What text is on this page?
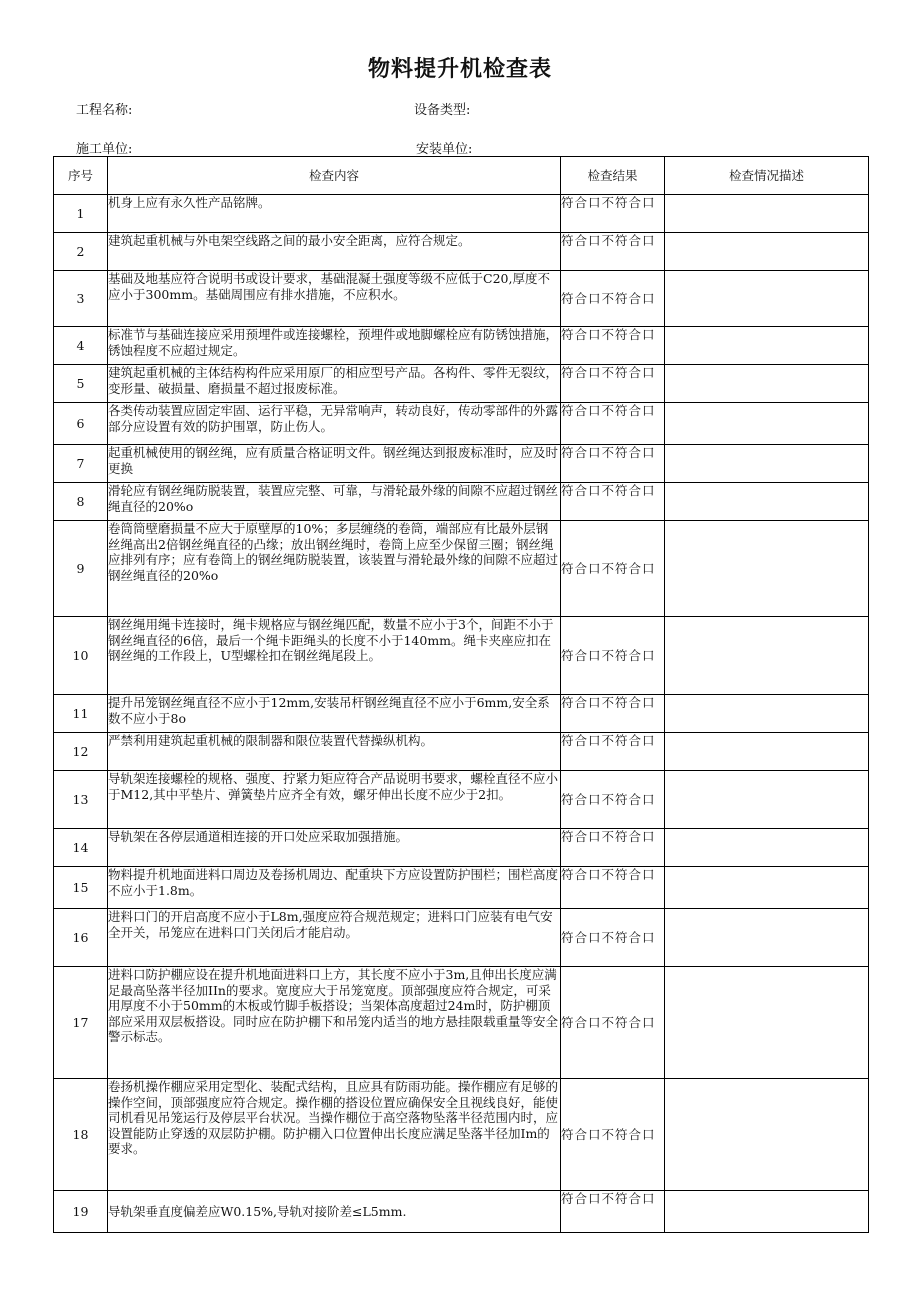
物料提升机检查表
工程名称:	设备类型:
施工单位:	安装单位:
序号	检查内容	检查结果	检查情况描述
1	机身上应有永久性产品铭牌。	符合口不符合口	
2	建筑起重机械与外电架空线路之间的最小安全距离，应符合规定。	符合口不符合口	
3	基础及地基应符合说明书或设计要求，基础混凝土强度等级不应低于C20,厚度不应小于300mm。基础周围应有排水措施，不应积水。	符合口不符合口	
4	标准节与基础连接应采用预埋件或连接螺栓，预埋件或地脚螺栓应有防锈蚀措施，锈蚀程度不应超过规定。	符合口不符合口	
5	建筑起重机械的主体结构构件应采用原厂的相应型号产品。各构件、零件无裂纹，变形量、破损量、磨损量不超过报废标准。	符合口不符合口	
6	各类传动装置应固定牢固、运行平稳，无异常响声，转动良好，传动零部件的外露部分应设置有效的防护围罩，防止伤人。	符合口不符合口	
7	起重机械使用的钢丝绳，应有质量合格证明文件。钢丝绳达到报废标准时，应及时更换	符合口不符合口	
8	滑轮应有钢丝绳防脱装置，装置应完整、可靠，与滑轮最外缘的间隙不应超过钢丝绳直径的20%o	符合口不符合口	
9	卷筒筒壁磨损量不应大于原壁厚的10%；多层缠绕的卷筒，端部应有比最外层钢丝绳高出2倍钢丝绳直径的凸缘；放出钢丝绳时，卷筒上应至少保留三圈；钢丝绳应排列有序；应有卷筒上的钢丝绳防脱装置，该装置与滑轮最外缘的间隙不应超过钢丝绳直径的20%o	符合口不符合口	
10	钢丝绳用绳卡连接时，绳卡规格应与钢丝绳匹配，数量不应小于3个，间距不小于钢丝绳直径的6倍，最后一个绳卡距绳头的长度不小于140mm。绳卡夹座应扣在钢丝绳的工作段上，U型螺栓扣在钢丝绳尾段上。	符合口不符合口	
11	提升吊笼钢丝绳直径不应小于12mm,安装吊杆钢丝绳直径不应小于6mm,安全系数不应小于8o	符合口不符合口	
12	严禁利用建筑起重机械的限制器和限位装置代替操纵机构。	符合口不符合口	
13	导轨架连接螺栓的规格、强度、拧紧力矩应符合产品说明书要求，螺栓直径不应小于M12,其中平垫片、弹簧垫片应齐全有效，螺牙伸出长度不应少于2扣。	符合口不符合口	
14	导轨架在各停层通道相连接的开口处应采取加强措施。	符合口不符合口	
15	物料提升机地面进料口周边及卷扬机周边、配重块下方应设置防护围栏；围栏高度不应小于1.8m。	符合口不符合口	
16	进料口门的开启高度不应小于L8m,强度应符合规范规定；进料口门应装有电气安全开关，吊笼应在进料口门关闭后才能启动。	符合口不符合口	
17	进料口防护棚应设在提升机地面进料口上方，其长度不应小于3m,且伸出长度应满足最高坠落半径加IIn的要求。宽度应大于吊笼宽度。顶部强度应符合规定，可采用厚度不小于50mm的木板或竹脚手板搭设；当架体高度超过24m时，防护棚顶部应采用双层板搭设。同时应在防护棚下和吊笼内适当的地方悬挂限载重量等安全警示标志。	符合口不符合口	
18	卷扬机操作棚应采用定型化、装配式结构，且应具有防雨功能。操作棚应有足够的操作空间，顶部强度应符合规定。操作棚的搭设位置应确保安全且视线良好，能使司机看见吊笼运行及停层平台状况。当操作棚位于高空落物坠落半径范围内时，应设置能防止穿透的双层防护棚。防护棚入口位置伸出长度应满足坠落半径加Im的要求。	符合口不符合口	
19	导轨架垂直度偏差应W0.15%,导轨对接阶差≤L5mm.	符合口不符合口	
